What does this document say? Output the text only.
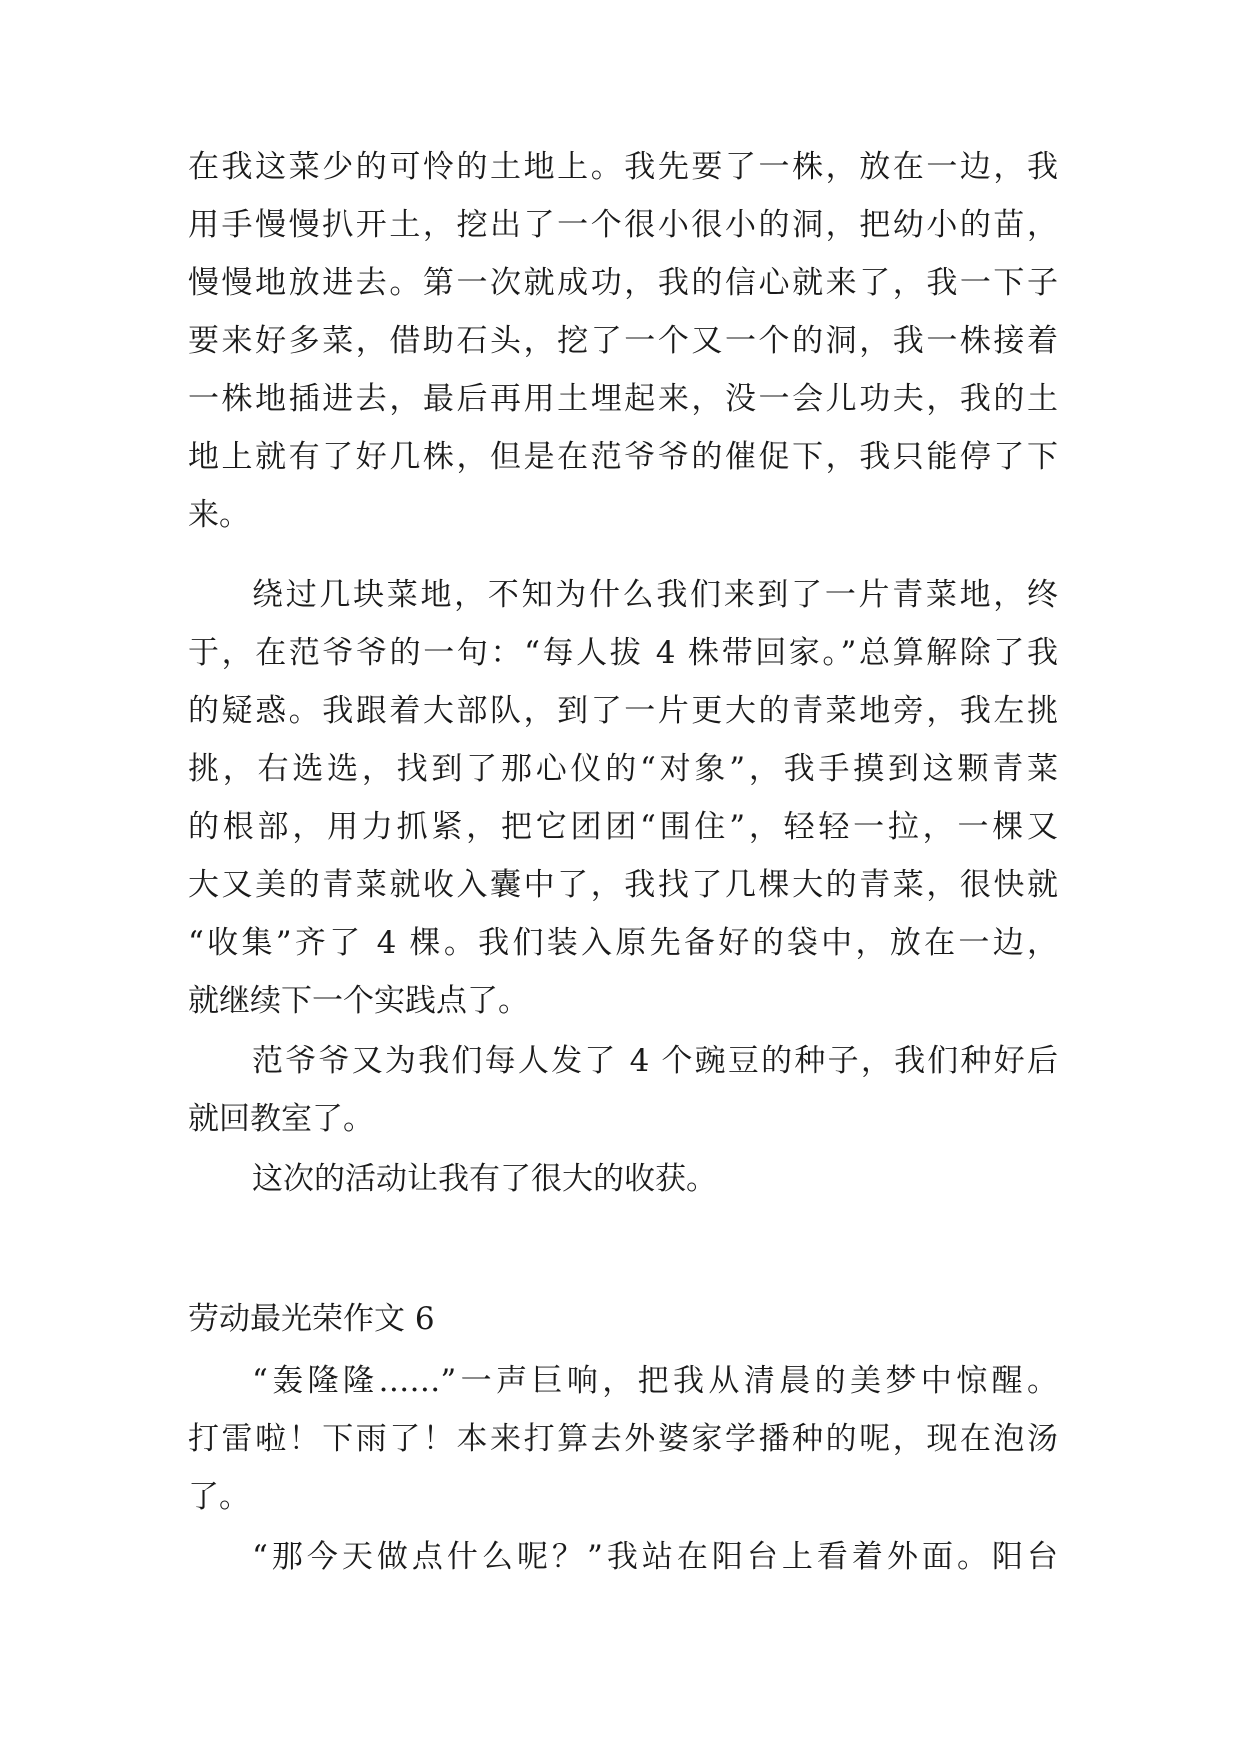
在我这菜少的可怜的土地上。我先要了一株，放在一边，我
用手慢慢扒开土，挖出了一个很小很小的洞，把幼小的苗，
慢慢地放进去。第一次就成功，我的信心就来了，我一下子
要来好多菜，借助石头，挖了一个又一个的洞，我一株接着
一株地插进去，最后再用土埋起来，没一会儿功夫，我的土
地上就有了好几株，但是在范爷爷的催促下，我只能停了下
来。
绕过几块菜地，不知为什么我们来到了一片青菜地，终
于，在范爷爷的一句：“每人拔 4 株带回家。”总算解除了我
的疑惑。我跟着大部队，到了一片更大的青菜地旁，我左挑
挑，右选选，找到了那心仪的“对象”，我手摸到这颗青菜
的根部，用力抓紧，把它团团“围住”，轻轻一拉，一棵又
大又美的青菜就收入囊中了，我找了几棵大的青菜，很快就
“收集”齐了 4 棵。我们装入原先备好的袋中，放在一边，
就继续下一个实践点了。
范爷爷又为我们每人发了 4 个豌豆的种子，我们种好后
就回教室了。
这次的活动让我有了很大的收获。
劳动最光荣作文 6
“轰隆隆……”一声巨响，把我从清晨的美梦中惊醒。
打雷啦！下雨了！本来打算去外婆家学播种的呢，现在泡汤
了。
“那今天做点什么呢？”我站在阳台上看着外面。阳台
